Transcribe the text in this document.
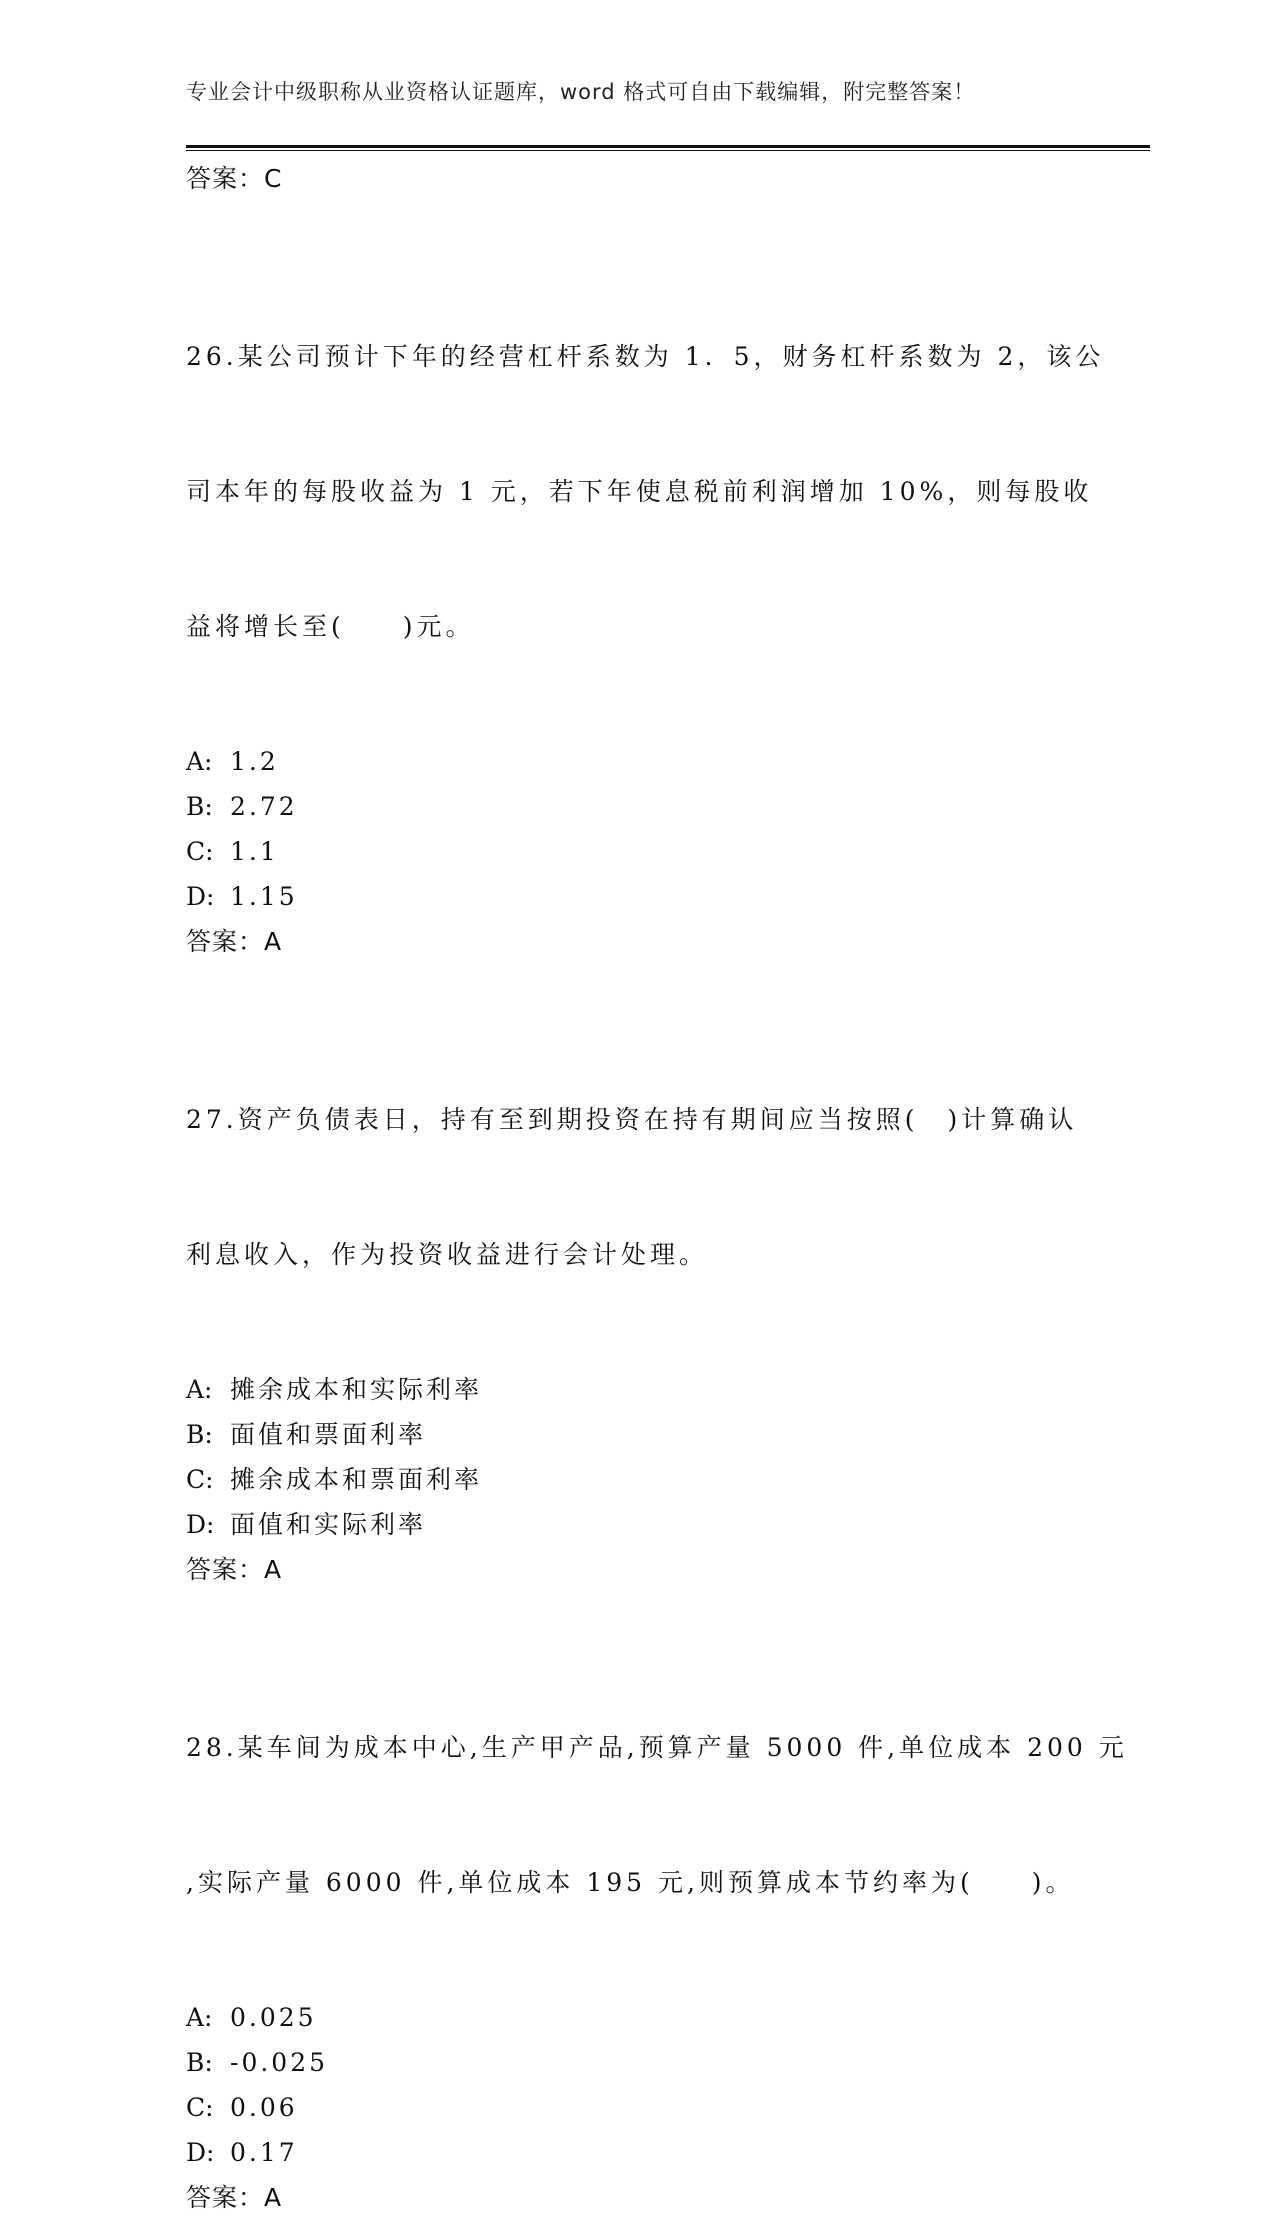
专业会计中级职称从业资格认证题库，word 格式可自由下载编辑，附完整答案！
答案：C

26.某公司预计下年的经营杠杆系数为 1．5，财务杠杆系数为 2，该公

司本年的每股收益为 1 元，若下年使息税前利润增加 10%，则每股收

益将增长至(　　)元。

A: 1.2
B: 2.72
C: 1.1
D: 1.15
答案：A

27.资产负债表日，持有至到期投资在持有期间应当按照(　)计算确认

利息收入，作为投资收益进行会计处理。

A: 摊余成本和实际利率
B: 面值和票面利率
C: 摊余成本和票面利率
D: 面值和实际利率
答案：A

28.某车间为成本中心,生产甲产品,预算产量 5000 件,单位成本 200 元

,实际产量 6000 件,单位成本 195 元,则预算成本节约率为(　　)。

A: 0.025
B: -0.025
C: 0.06
D: 0.17
答案：A
